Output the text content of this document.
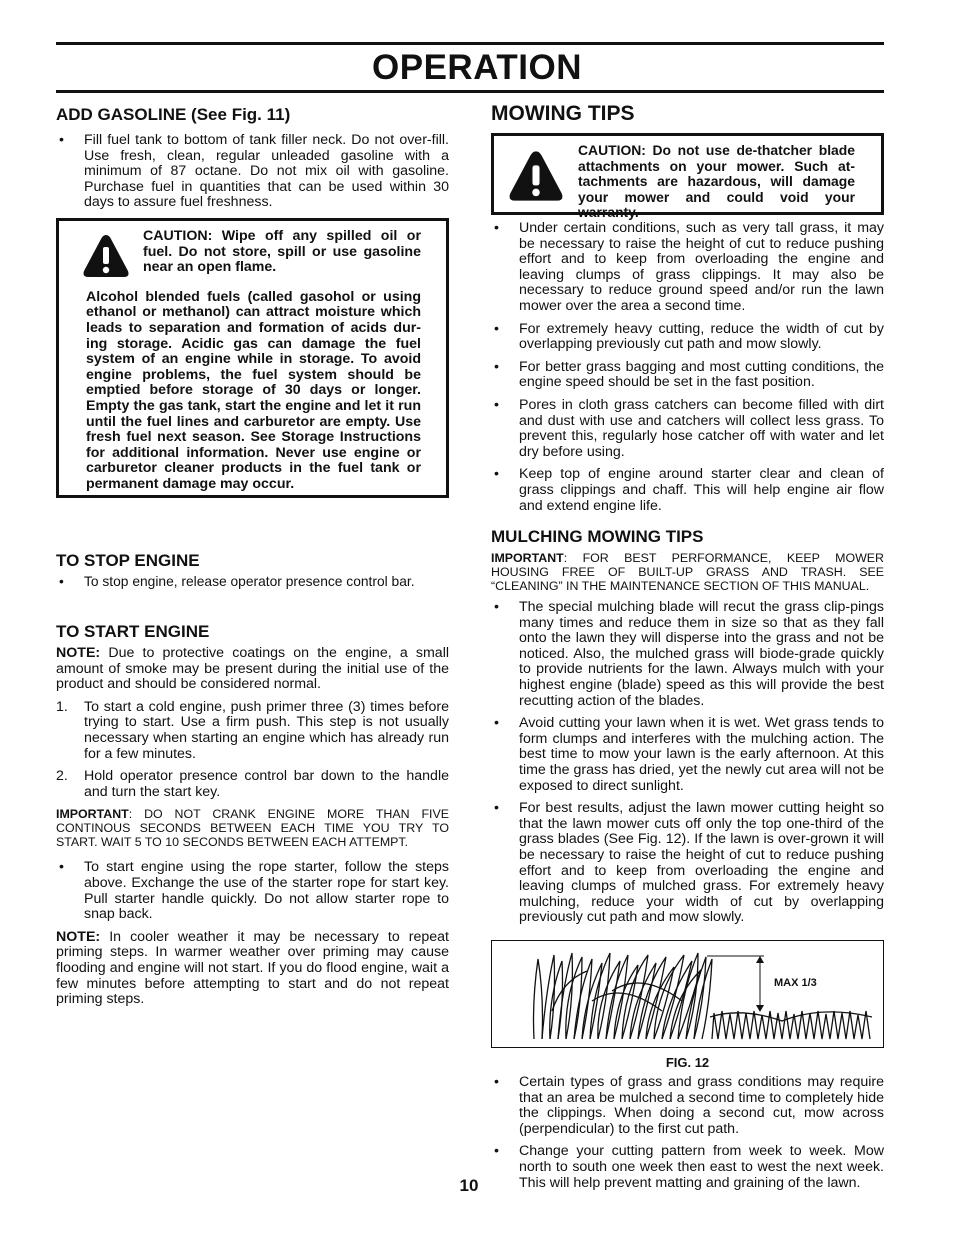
OPERATION
ADD GASOLINE (See Fig. 11)
• Fill fuel tank to bottom of tank filler neck. Do not over-fill. Use fresh, clean, regular unleaded gasoline with a minimum of 87 octane. Do not mix oil with gasoline. Purchase fuel in quantities that can be used within 30 days to assure fuel freshness.

CAUTION: Wipe off any spilled oil or fuel. Do not store, spill or use gasoline near an open flame.

Alcohol blended fuels (called gasohol or using ethanol or methanol) can attract moisture which leads to separation and formation of acids dur-ing storage. Acidic gas can damage the fuel system of an engine while in storage. To avoid engine problems, the fuel system should be emptied before storage of 30 days or longer. Empty the gas tank, start the engine and let it run until the fuel lines and carburetor are empty. Use fresh fuel next season. See Storage Instructions for additional information. Never use engine or carburetor cleaner products in the fuel tank or permanent damage may occur.

TO STOP ENGINE
• To stop engine, release operator presence control bar.
TO START ENGINE

NOTE: Due to protective coatings on the engine, a small amount of smoke may be present during the initial use of the product and should be considered normal.

1. To start a cold engine, push primer three (3) times before trying to start. Use a firm push. This step is not usually necessary when starting an engine which has already run for a few minutes.
2. Hold operator presence control bar down to the handle and turn the start key.

IMPORTANT: DO NOT CRANK ENGINE MORE THAN FIVE CONTINOUS SECONDS BETWEEN EACH TIME YOU TRY TO START. WAIT 5 TO 10 SECONDS BETWEEN EACH ATTEMPT.

• To start engine using the rope starter, follow the steps above. Exchange the use of the starter rope for start key. Pull starter handle quickly. Do not allow starter rope to snap back.

NOTE: In cooler weather it may be necessary to repeat priming steps. In warmer weather over priming may cause flooding and engine will not start. If you do flood engine, wait a few minutes before attempting to start and do not repeat priming steps.

MOWING TIPS

CAUTION: Do not use de-thatcher blade attachments on your mower. Such at-tachments are hazardous, will damage your mower and could void your warranty.

• Under certain conditions, such as very tall grass, it may be necessary to raise the height of cut to reduce pushing effort and to keep from overloading the engine and leaving clumps of grass clippings. It may also be necessary to reduce ground speed and/or run the lawn mower over the area a second time.
• For extremely heavy cutting, reduce the width of cut by overlapping previously cut path and mow slowly.
• For better grass bagging and most cutting conditions, the engine speed should be set in the fast position.
• Pores in cloth grass catchers can become filled with dirt and dust with use and catchers will collect less grass. To prevent this, regularly hose catcher off with water and let dry before using.
• Keep top of engine around starter clear and clean of grass clippings and chaff. This will help engine air flow and extend engine life.
MULCHING MOWING TIPS

IMPORTANT: FOR BEST PERFORMANCE, KEEP MOWER HOUSING FREE OF BUILT-UP GRASS AND TRASH. SEE “CLEANING” IN THE MAINTENANCE SECTION OF THIS MANUAL.

• The special mulching blade will recut the grass clip-pings many times and reduce them in size so that as they fall onto the lawn they will disperse into the grass and not be noticed. Also, the mulched grass will biode-grade quickly to provide nutrients for the lawn. Always mulch with your highest engine (blade) speed as this will provide the best recutting action of the blades.
• Avoid cutting your lawn when it is wet. Wet grass tends to form clumps and interferes with the mulching action. The best time to mow your lawn is the early afternoon. At this time the grass has dried, yet the newly cut area will not be exposed to direct sunlight.
• For best results, adjust the lawn mower cutting height so that the lawn mower cuts off only the top one-third of the grass blades (See Fig. 12). If the lawn is over-grown it will be necessary to raise the height of cut to reduce pushing effort and to keep from overloading the engine and leaving clumps of mulched grass. For extremely heavy mulching, reduce your width of cut by overlapping previously cut path and mow slowly.
MAX 1/3
FIG. 12
• Certain types of grass and grass conditions may require that an area be mulched a second time to completely hide the clippings. When doing a second cut, mow across (perpendicular) to the first cut path.
• Change your cutting pattern from week to week. Mow north to south one week then east to west the next week. This will help prevent matting and graining of the lawn.
10
